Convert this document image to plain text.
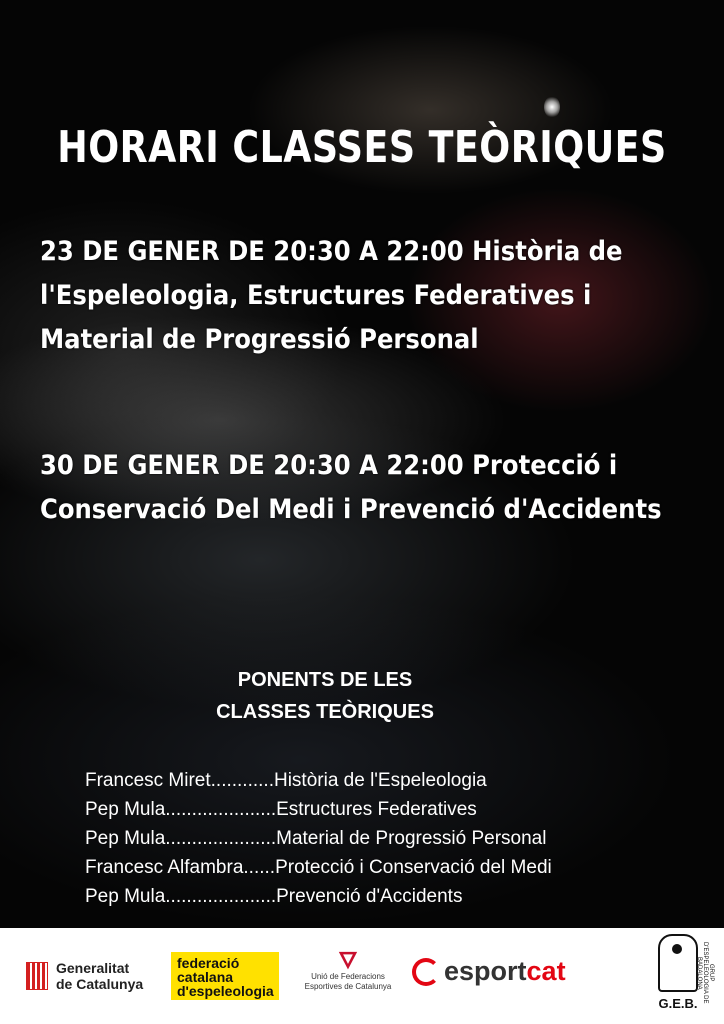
HORARI CLASSES TEÒRIQUES
23 DE GENER DE 20:30 A 22:00 Història de l'Espeleologia, Estructures Federatives i Material de Progressió Personal
30 DE GENER DE 20:30 A 22:00 Protecció i Conservació Del Medi i Prevenció d'Accidents
PONENTS DE LES
CLASSES TEÒRIQUES
Francesc Miret............Història de l'Espeleologia
Pep Mula.....................Estructures Federatives
Pep Mula.....................Material de Progressió Personal
Francesc Alfambra......Protecció i Conservació del Medi
Pep Mula.....................Prevenció d'Accidents
Generalitat
de Catalunya
federació
catalana
d'espeleologia
🜄
Unió de Federacions
Esportives de Catalunya
esportcat
G.E.B.
GRUP D'ESPELEOLOGIA DE BADALONA
